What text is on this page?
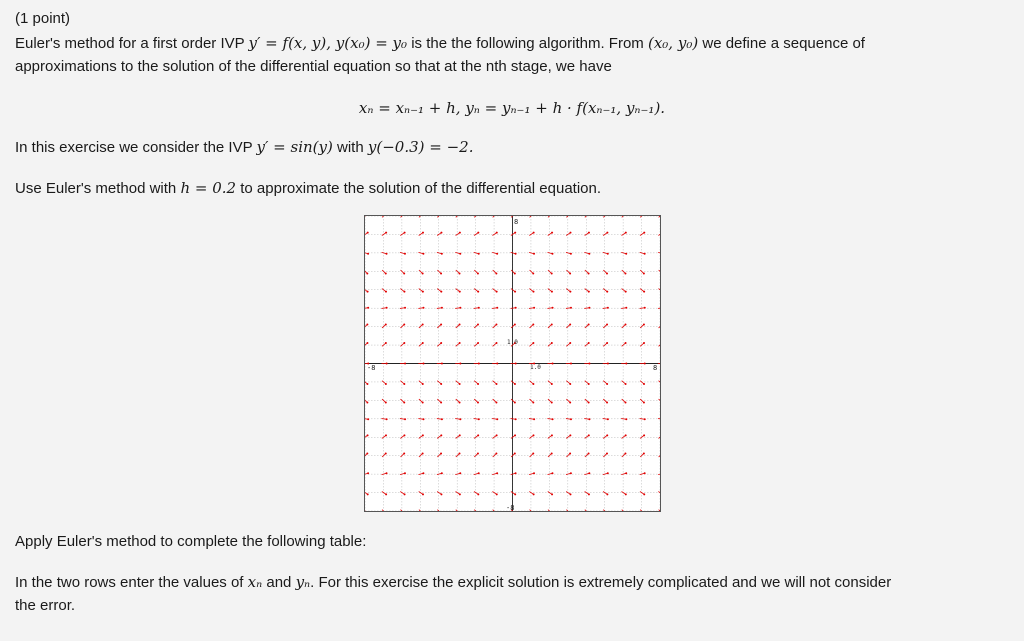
(1 point)
Euler's method for a first order IVP y′ = f(x, y), y(x₀) = y₀ is the the following algorithm. From (x₀, y₀) we define a sequence of
approximations to the solution of the differential equation so that at the nth stage, we have
xₙ = xₙ₋₁ + h, yₙ = yₙ₋₁ + h · f(xₙ₋₁, yₙ₋₁).
In this exercise we consider the IVP y′ = sin(y) with y(−0.3) = −2.
Use Euler's method with h = 0.2 to approximate the solution of the differential equation.
8
-8	8
-8
1.0
1.0
Apply Euler's method to complete the following table:
In the two rows enter the values of xₙ and yₙ. For this exercise the explicit solution is extremely complicated and we will not consider
the error.
